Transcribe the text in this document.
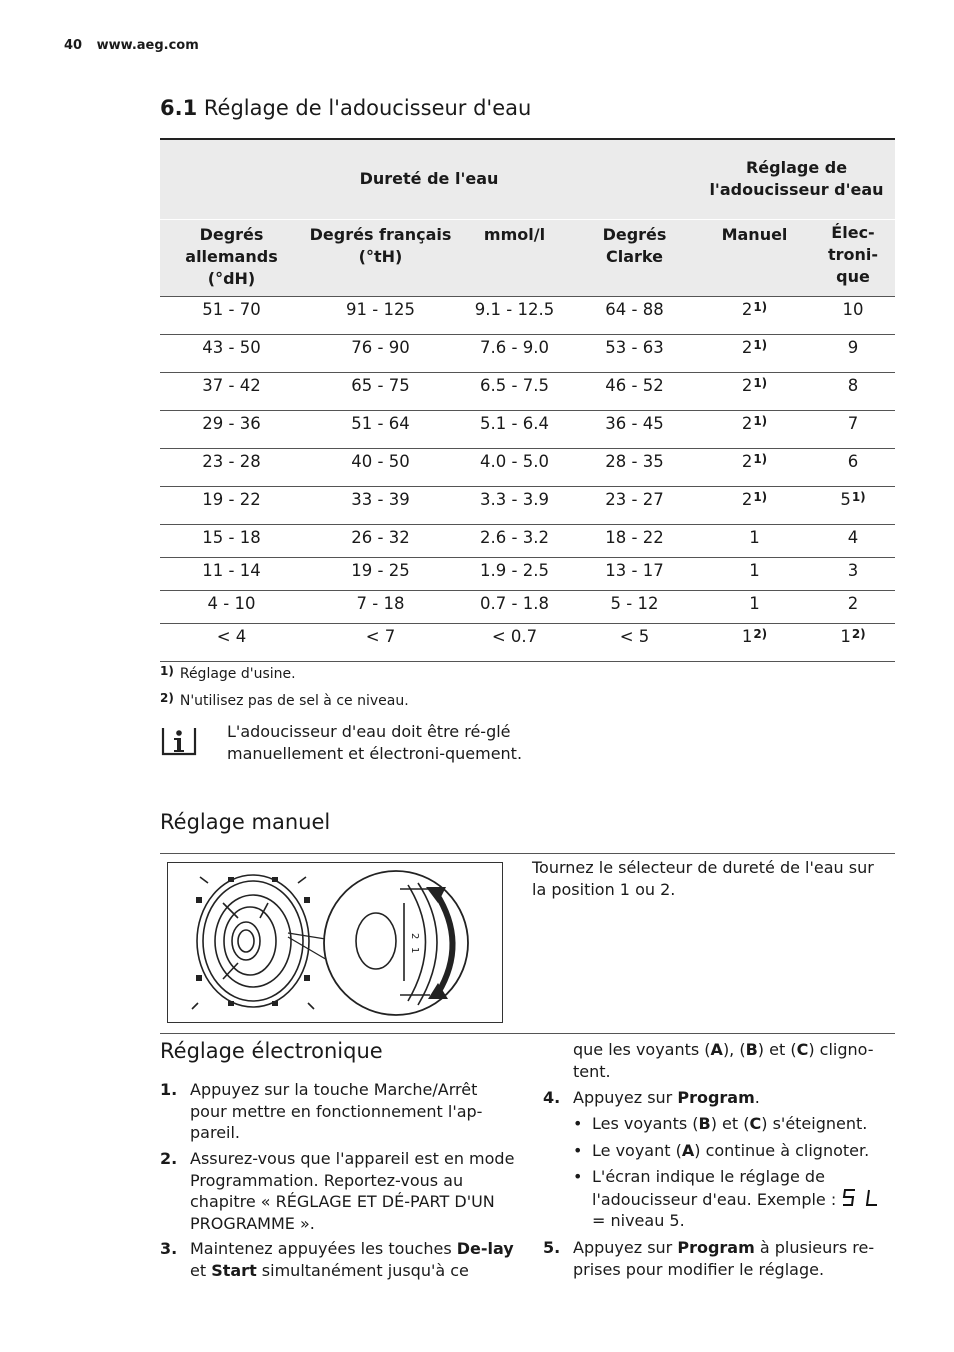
40 www.aeg.com
6.1 Réglage de l'adoucisseur d'eau
Dureté de l'eau				Réglage de l'adoucisseur d'eau	
Degrés allemands (°dH)	Degrés français (°tH)	mmol/l	Degrés Clarke	Manuel	Élec-troni-que
51 - 70	91 - 125	9.1 - 12.5	64 - 88	2$^{1)}$	10
43 - 50	76 - 90	7.6 - 9.0	53 - 63	2$^{1)}$	9
37 - 42	65 - 75	6.5 - 7.5	46 - 52	2$^{1)}$	8
29 - 36	51 - 64	5.1 - 6.4	36 - 45	2$^{1)}$	7
23 - 28	40 - 50	4.0 - 5.0	28 - 35	2$^{1)}$	6
19 - 22	33 - 39	3.3 - 3.9	23 - 27	2$^{1)}$	5$^{1)}$
15 - 18	26 - 32	2.6 - 3.2	18 - 22	1	4
11 - 14	19 - 25	1.9 - 2.5	13 - 17	1	3
4 - 10	7 - 18	0.7 - 1.8	5 - 12	1	2
< 4	< 7	< 0.7	< 5	1$^{2)}$	1$^{2)}$
1) Réglage d'usine.
2) N'utilisez pas de sel à ce niveau.
L'adoucisseur d'eau doit être ré-glé manuellement et électroni-quement.
Réglage manuel
2
1
Tournez le sélecteur de dureté de l'eau sur la position 1 ou 2.
Réglage électronique
1. Appuyez sur la touche Marche/Arrêt pour mettre en fonctionnement l'ap-pareil.
2. Assurez-vous que l'appareil est en mode Programmation. Reportez-vous au chapitre « RÉGLAGE ET DÉ-PART D'UN PROGRAMME ».
3. Maintenez appuyées les touches De-lay et Start simultanément jusqu'à ce
que les voyants (A), (B) et (C) cligno-tent.
4. Appuyez sur Program.
• Les voyants (B) et (C) s'éteignent.
• Le voyant (A) continue à clignoter.
• L'écran indique le réglage de l'adoucisseur d'eau. Exemple :  = niveau 5.
5. Appuyez sur Program à plusieurs re-prises pour modifier le réglage.
